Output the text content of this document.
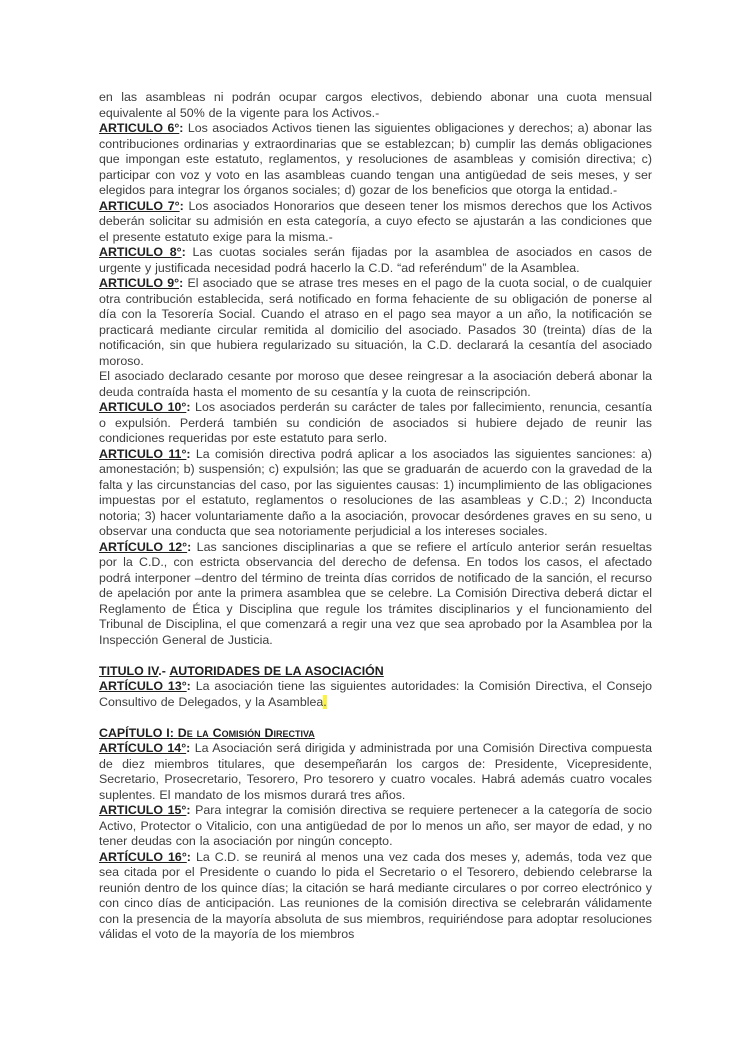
en las asambleas ni podrán ocupar cargos electivos, debiendo abonar una cuota mensual equivalente al 50% de la vigente para los Activos.-

ARTICULO 6°: Los asociados Activos tienen las siguientes obligaciones y derechos; a) abonar las contribuciones ordinarias y extraordinarias que se establezcan; b) cumplir las demás obligaciones que impongan este estatuto, reglamentos, y resoluciones de asambleas y comisión directiva; c) participar con voz y voto en las asambleas cuando tengan una antigüedad de seis meses, y ser elegidos para integrar los órganos sociales; d) gozar de los beneficios que otorga la entidad.-

ARTICULO 7°: Los asociados Honorarios que deseen tener los mismos derechos que los Activos deberán solicitar su admisión en esta categoría, a cuyo efecto se ajustarán a las condiciones que el presente estatuto exige para la misma.-

ARTICULO 8°: Las cuotas sociales serán fijadas por la asamblea de asociados en casos de urgente y justificada necesidad podrá hacerlo la C.D. “ad referéndum” de la Asamblea.

ARTICULO 9°: El asociado que se atrase tres meses en el pago de la cuota social, o de cualquier otra contribución establecida, será notificado en forma fehaciente de su obligación de ponerse al día con la Tesorería Social. Cuando el atraso en el pago sea mayor a un año, la notificación se practicará mediante circular remitida al domicilio del asociado. Pasados 30 (treinta) días de la notificación, sin que hubiera regularizado su situación, la C.D. declarará la cesantía del asociado moroso.

El asociado declarado cesante por moroso que desee reingresar a la asociación deberá abonar la deuda contraída hasta el momento de su cesantía y la cuota de reinscripción.

ARTICULO 10°: Los asociados perderán su carácter de tales por fallecimiento, renuncia, cesantía o expulsión. Perderá también su condición de asociados si hubiere dejado de reunir las condiciones requeridas por este estatuto para serlo.

ARTICULO 11°: La comisión directiva podrá aplicar a los asociados las siguientes sanciones: a) amonestación; b) suspensión; c) expulsión; las que se graduarán de acuerdo con la gravedad de la falta y las circunstancias del caso, por las siguientes causas: 1) incumplimiento de las obligaciones impuestas por el estatuto, reglamentos o resoluciones de las asambleas y C.D.; 2) Inconducta notoria; 3) hacer voluntariamente daño a la asociación, provocar desórdenes graves en su seno, u observar una conducta que sea notoriamente perjudicial a los intereses sociales.

ARTÍCULO 12°: Las sanciones disciplinarias a que se refiere el artículo anterior serán resueltas por la C.D., con estricta observancia del derecho de defensa. En todos los casos, el afectado podrá interponer –dentro del término de treinta días corridos de notificado de la sanción, el recurso de apelación por ante la primera asamblea que se celebre. La Comisión Directiva deberá dictar el Reglamento de Ética y Disciplina que regule los trámites disciplinarios y el funcionamiento del Tribunal de Disciplina, el que comenzará a regir una vez que sea aprobado por la Asamblea por la Inspección General de Justicia.

TITULO IV.- AUTORIDADES DE LA ASOCIACIÓN

ARTÍCULO 13°: La asociación tiene las siguientes autoridades: la Comisión Directiva, el Consejo Consultivo de Delegados, y la Asamblea.

CAPÍTULO I: De la Comisión Directiva

ARTÍCULO 14°: La Asociación será dirigida y administrada por una Comisión Directiva compuesta de diez miembros titulares, que desempeñarán los cargos de: Presidente, Vicepresidente, Secretario, Prosecretario, Tesorero, Pro tesorero y cuatro vocales. Habrá además cuatro vocales suplentes. El mandato de los mismos durará tres años.

ARTICULO 15°: Para integrar la comisión directiva se requiere pertenecer a la categoría de socio Activo, Protector o Vitalicio, con una antigüedad de por lo menos un año, ser mayor de edad, y no tener deudas con la asociación por ningún concepto.

ARTÍCULO 16°: La C.D. se reunirá al menos una vez cada dos meses y, además, toda vez que sea citada por el Presidente o cuando lo pida el Secretario o el Tesorero, debiendo celebrarse la reunión dentro de los quince días; la citación se hará mediante circulares o por correo electrónico y con cinco días de anticipación. Las reuniones de la comisión directiva se celebrarán válidamente con la presencia de la mayoría absoluta de sus miembros, requiriéndose para adoptar resoluciones válidas el voto de la mayoría de los miembros
